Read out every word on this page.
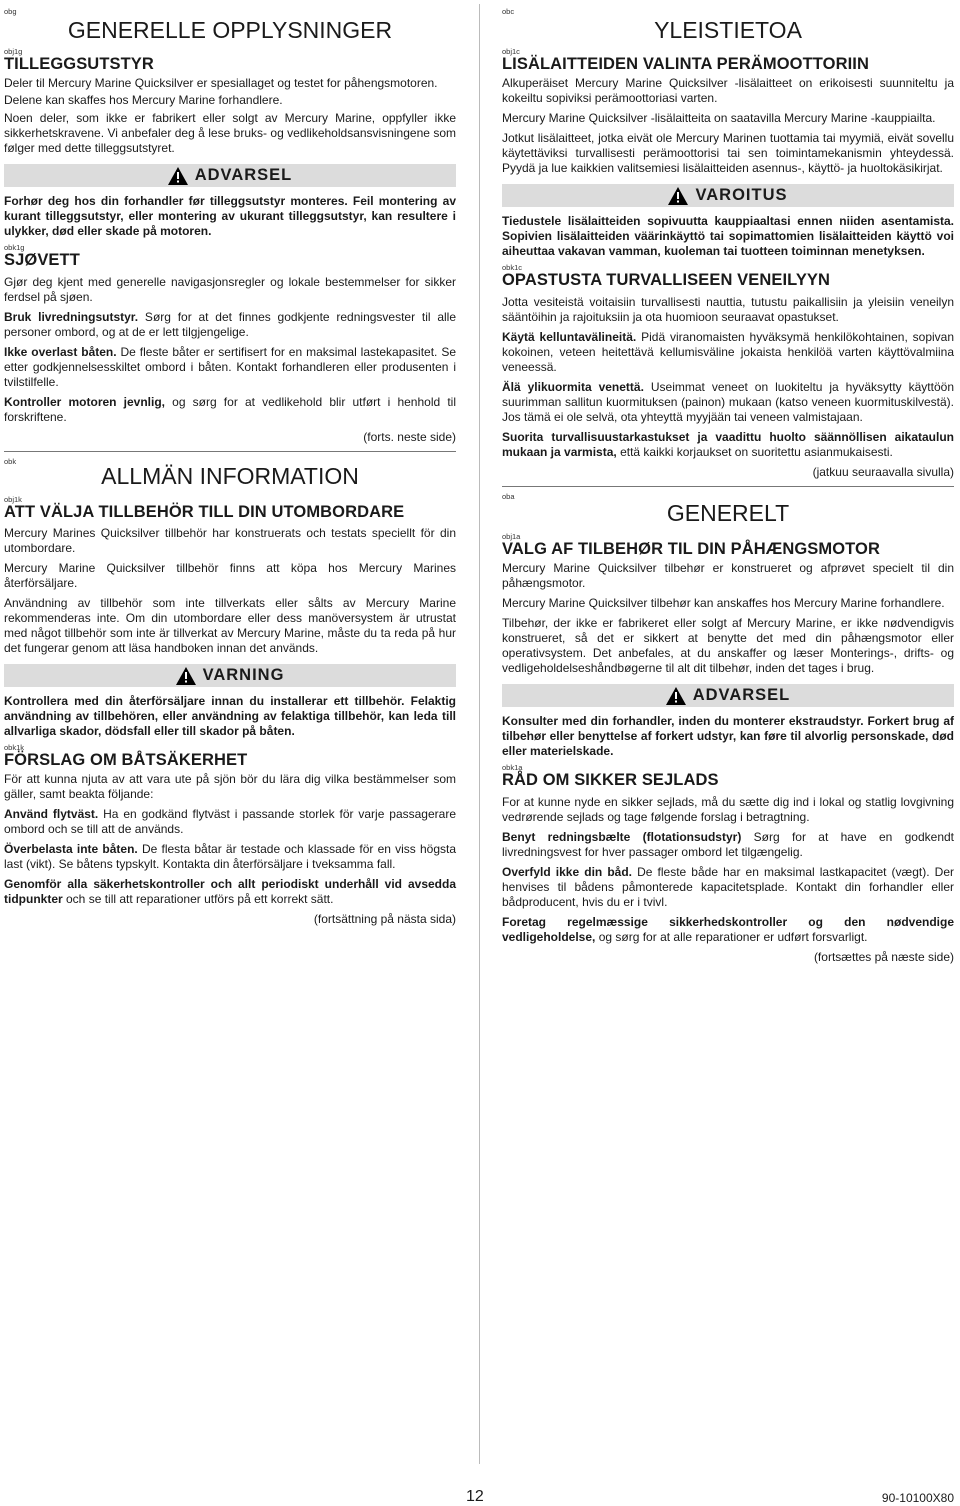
obg
GENERELLE OPPLYSNINGER
obj1g
TILLEGGSUTSTYR

Deler til Mercury Marine Quicksilver er spesiallaget og testet for påhengsmotoren.

Delene kan skaffes hos Mercury Marine forhandlere.

Noen deler, som ikke er fabrikert eller solgt av Mercury Marine, oppfyller ikke sikkerhetskravene. Vi anbefaler deg å lese bruks- og vedlikeholdsansvisningene som følger med dette tilleggsutstyret.

ADVARSEL

Forhør deg hos din forhandler før tilleggsutstyr monteres. Feil montering av kurant tilleggsutstyr, eller montering av ukurant tilleggsutstyr, kan resultere i ulykker, død eller skade på motoren.

obk1g
SJØVETT

Gjør deg kjent med generelle navigasjonsregler og lokale bestemmelser for sikker ferdsel på sjøen.

Bruk livredningsutstyr. Sørg for at det finnes godkjente redningsvester til alle personer ombord, og at de er lett tilgjengelige.

Ikke overlast båten. De fleste båter er sertifisert for en maksimal lastekapasitet. Se etter godkjennelsesskiltet ombord i båten. Kontakt forhandleren eller produsenten i tvilstilfelle.

Kontroller motoren jevnlig, og sørg for at vedlikehold blir utført i henhold til forskriftene.

(forts. neste side)

obk
ALLMÄN INFORMATION
obj1k
ATT VÄLJA TILLBEHÖR TILL DIN UTOMBORDARE

Mercury Marines Quicksilver tillbehör har konstruerats och testats speciellt för din utombordare.

Mercury Marine Quicksilver tillbehör finns att köpa hos Mercury Marines återförsäljare.

Användning av tillbehör som inte tillverkats eller sålts av Mercury Marine rekommenderas inte. Om din utombordare eller dess manöversystem är utrustat med något tillbehör som inte är tillverkat av Mercury Marine, måste du ta reda på hur det fungerar genom att läsa handboken innan det används.

VARNING

Kontrollera med din återförsäljare innan du installerar ett tillbehör. Felaktig användning av tillbehören, eller användning av felaktiga tillbehör, kan leda till allvarliga skador, dödsfall eller till skador på båten.

obk1k
FÖRSLAG OM BÅTSÄKERHET

För att kunna njuta av att vara ute på sjön bör du lära dig vilka bestämmelser som gäller, samt beakta följande:

Använd flytväst. Ha en godkänd flytväst i passande storlek för varje passagerare ombord och se till att de används.

Överbelasta inte båten. De flesta båtar är testade och klassade för en viss högsta last (vikt). Se båtens typskylt. Kontakta din återförsäljare i tveksamma fall.

Genomför alla säkerhetskontroller och allt periodiskt underhåll vid avsedda tidpunkter och se till att reparationer utförs på ett korrekt sätt.

(fortsättning på nästa sida)

obc
YLEISTIETOA
obj1c
LISÄLAITTEIDEN VALINTA PERÄMOOTTORIIN

Alkuperäiset Mercury Marine Quicksilver -lisälaitteet on erikoisesti suunniteltu ja kokeiltu sopiviksi perämoottoriasi varten.

Mercury Marine Quicksilver -lisälaitteita on saatavilla Mercury Marine -kauppiailta.

Jotkut lisälaitteet, jotka eivät ole Mercury Marinen tuottamia tai myymiä, eivät sovellu käytettäviksi turvallisesti perämoottorisi tai sen toimintamekanismin yhteydessä. Pyydä ja lue kaikkien valitsemiesi lisälaitteiden asennus-, käyttö- ja huoltokäsikirjat.

VAROITUS

Tiedustele lisälaitteiden sopivuutta kauppiaaltasi ennen niiden asentamista. Sopivien lisälaitteiden väärinkäyttö tai sopimattomien lisälaitteiden käyttö voi aiheuttaa vakavan vamman, kuoleman tai tuotteen toiminnan menetyksen.

obk1c
OPASTUSTA TURVALLISEEN VENEILYYN

Jotta vesiteistä voitaisiin turvallisesti nauttia, tutustu paikallisiin ja yleisiin veneilyn sääntöihin ja rajoituksiin ja ota huomioon seuraavat opastukset.

Käytä kelluntavälineitä. Pidä viranomaisten hyväksymä henkilökohtainen, sopivan kokoinen, veteen heitettävä kellumisväline jokaista henkilöä varten käyttövalmiina veneessä.

Älä ylikuormita venettä. Useimmat veneet on luokiteltu ja hyväksytty käyttöön suurimman sallitun kuormituksen (painon) mukaan (katso veneen kuormituskilvestä). Jos tämä ei ole selvä, ota yhteyttä myyjään tai veneen valmistajaan.

Suorita turvallisuustarkastukset ja vaadittu huolto säännöllisen aikataulun mukaan ja varmista, että kaikki korjaukset on suoritettu asianmukaisesti.

(jatkuu seuraavalla sivulla)

oba
GENERELT
obj1a
VALG AF TILBEHØR TIL DIN PÅHÆNGSMOTOR

Mercury Marine Quicksilver tilbehør er konstrueret og afprøvet specielt til din påhængsmotor.

Mercury Marine Quicksilver tilbehør kan anskaffes hos Mercury Marine forhandlere.

Tilbehør, der ikke er fabrikeret eller solgt af Mercury Marine, er ikke nødvendigvis konstrueret, så det er sikkert at benytte det med din påhængsmotor eller operativsystem. Det anbefales, at du anskaffer og læser Monterings-, drifts- og vedligeholdelseshåndbøgerne til alt dit tilbehør, inden det tages i brug.

ADVARSEL

Konsulter med din forhandler, inden du monterer ekstraudstyr. Forkert brug af tilbehør eller benyttelse af forkert udstyr, kan føre til alvorlig personskade, død eller materielskade.

obk1a
RÅD OM SIKKER SEJLADS

For at kunne nyde en sikker sejlads, må du sætte dig ind i lokal og statlig lovgivning vedrørende sejlads og tage følgende forslag i betragtning.

Benyt redningsbælte (flotationsudstyr) Sørg for at have en godkendt livredningsvest for hver passager ombord let tilgængelig.

Overfyld ikke din båd. De fleste både har en maksimal lastkapacitet (vægt). Der henvises til bådens påmonterede kapacitetsplade. Kontakt din forhandler eller bådproducent, hvis du er i tvivl.

Foretag regelmæssige sikkerhedskontroller og den nødvendige vedligeholdelse, og sørg for at alle reparationer er udført forsvarligt.

(fortsættes på næste side)

12	90-10100X80
